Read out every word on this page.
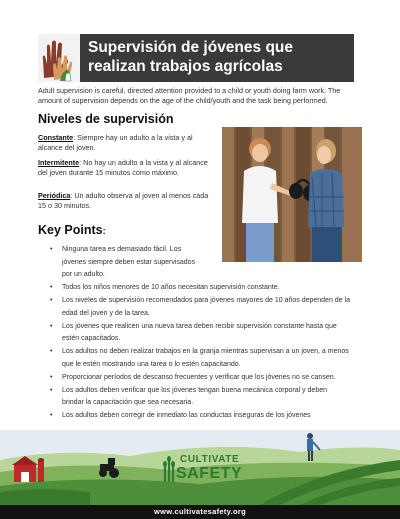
Supervisión de jóvenes que
realizan trabajos agrícolas

Adult supervision is careful, directed attention provided to a child or youth doing farm work. The amount of supervision depends on the age of the child/youth and the task being performed.

Niveles de supervisión
Constante: Siempre hay un adulto a la vista y al alcance del joven.
Intermitente: No hay un adulto a la vista y al alcance del joven durante 15 minutos como máximo.
Periódica: Un adulto observa al joven al menos cada 15 o 30 minutos.
Key Points:
• Ninguna tarea es demasiado fácil. Los jóvenes siempre deben estar supervisados por un adulto.
• Todos los niños menores de 10 años necesitan supervisión constante.
• Los niveles de supervisión recomendados para jóvenes mayores de 10 años dependen de la edad del joven y de la tarea.
• Los jóvenes que realicen una nueva tarea deben recibir supervisión constante hasta que estén capacitados.
• Los adultos no deben realizar trabajos en la granja mientras supervisan a un joven, a menos que le estén mostrando una tarea o lo estén capacitando.
• Proporcionar períodos de descanso frecuentes y verificar que los jóvenes no se cansen.
• Los adultos deben verificar que los jóvenes tengan buena mecánica corporal y deben brindar la capacitación que sea necesaria.
• Los adultos deben corregir de inmediato las conductas inseguras de los jóvenes
CULTIVATE
SAFETY
www.cultivatesafety.org
